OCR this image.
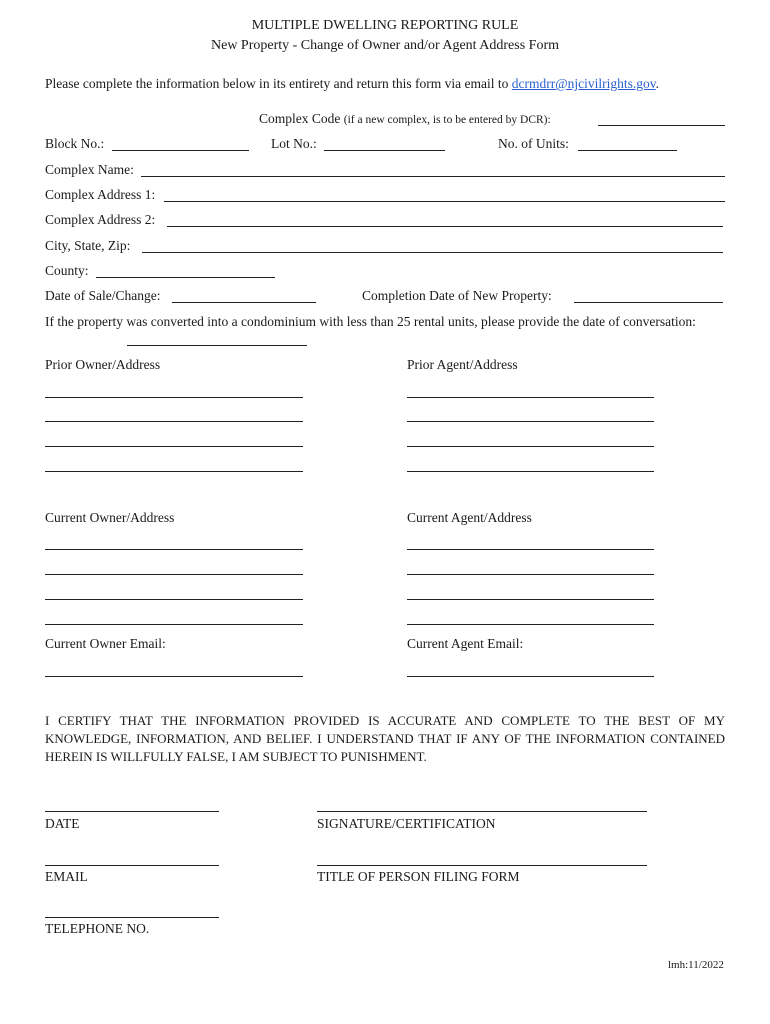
MULTIPLE DWELLING REPORTING RULE
New Property - Change of Owner and/or Agent Address Form
Please complete the information below in its entirety and return this form via email to dcrmdrr@njcivilrights.gov.
Complex Code (if a new complex, is to be entered by DCR):
Block No.:	Lot No.:	No. of Units:
Complex Name:
Complex Address 1:
Complex Address 2:
City, State, Zip:
County:
Date of Sale/Change:	Completion Date of New Property:
If the property was converted into a condominium with less than 25 rental units, please provide the date of conversation:
Prior Owner/Address	Prior Agent/Address
Current Owner/Address	Current Agent/Address
Current Owner Email:	Current Agent Email:
I CERTIFY THAT THE INFORMATION PROVIDED IS ACCURATE AND COMPLETE TO THE BEST OF MY KNOWLEDGE, INFORMATION, AND BELIEF. I UNDERSTAND THAT IF ANY OF THE INFORMATION CONTAINED HEREIN IS WILLFULLY FALSE, I AM SUBJECT TO PUNISHMENT.
DATE	SIGNATURE/CERTIFICATION
EMAIL	TITLE OF PERSON FILING FORM
TELEPHONE NO.
lmh:11/2022
